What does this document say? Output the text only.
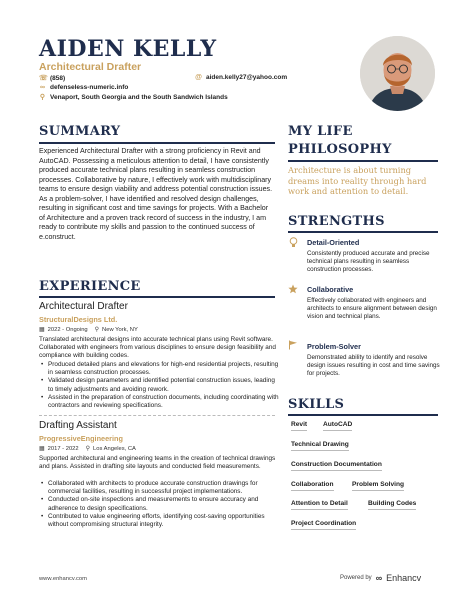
AIDEN KELLY
Architectural Drafter
☏ (858)	@ aiden.kelly27@yahoo.com
∞ defenseless-numeric.info
⚲ Venaport, South Georgia and the South Sandwich Islands
SUMMARY
Experienced Architectural Drafter with a strong proficiency in Revit and AutoCAD. Possessing a meticulous attention to detail, I have consistently produced accurate technical plans resulting in seamless construction processes. Collaborative by nature, I effectively work with multidisciplinary teams to ensure design viability and address potential construction issues. As a problem-solver, I have identified and resolved design challenges, resulting in significant cost and time savings for projects. With a Bachelor of Architecture and a proven track record of success in the industry, I am ready to contribute my skills and passion to the continued success of e.construct.
EXPERIENCE
Architectural Drafter
StructuralDesigns Ltd.
▦ 2022 - Ongoing ⚲ New York, NY
Translated architectural designs into accurate technical plans using Revit software. Collaborated with engineers from various disciplines to ensure design feasibility and compliance with building codes.
• Produced detailed plans and elevations for high-end residential projects, resulting in seamless construction processes.
• Validated design parameters and identified potential construction issues, leading to timely adjustments and avoiding rework.
• Assisted in the preparation of construction documents, including coordinating with contractors and reviewing specifications.
Drafting Assistant
ProgressiveEngineering
▦ 2017 - 2022 ⚲ Los Angeles, CA
Supported architectural and engineering teams in the creation of technical drawings and plans. Assisted in drafting site layouts and conducted field measurements.
• Collaborated with architects to produce accurate construction drawings for commercial facilities, resulting in successful project implementations.
• Conducted on-site inspections and measurements to ensure accuracy and adherence to design specifications.
• Contributed to value engineering efforts, identifying cost-saving opportunities without compromising structural integrity.
MY LIFE
PHILOSOPHY
Architecture is about turning dreams into reality through hard work and attention to detail.
STRENGTHS
Detail-Oriented
Consistently produced accurate and precise technical plans resulting in seamless construction processes.
Collaborative
Effectively collaborated with engineers and architects to ensure alignment between design vision and technical plans.
Problem-Solver
Demonstrated ability to identify and resolve design issues resulting in cost and time savings for projects.
SKILLS
Revit AutoCAD
Technical Drawing
Construction Documentation
Collaboration	Problem Solving
Attention to Detail	Building Codes
Project Coordination
www.enhancv.com	Powered by ∞ Enhancv
